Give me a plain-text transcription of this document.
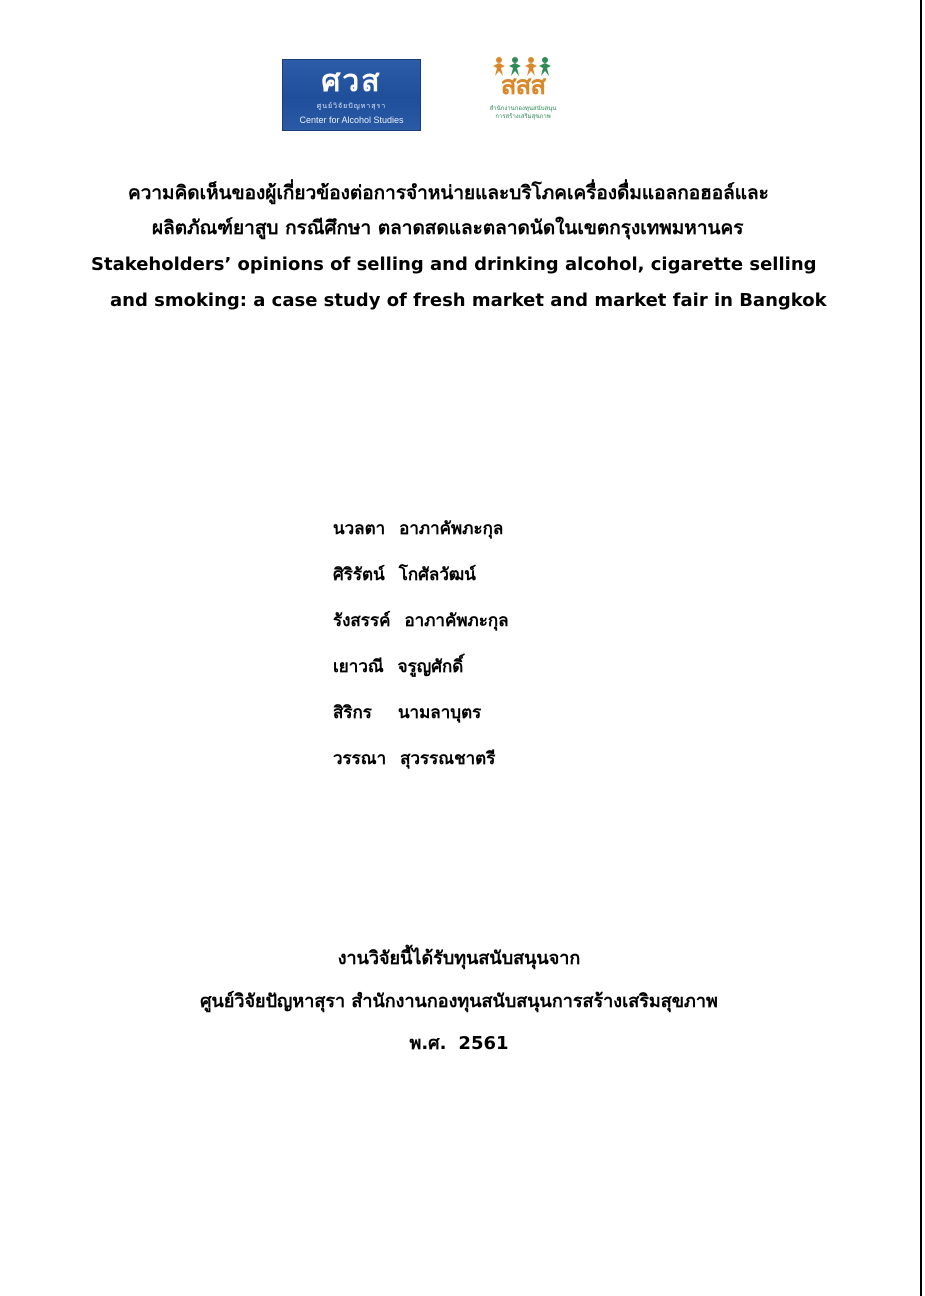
ศวส
ศูนย์วิจัยปัญหาสุรา
Center for Alcohol Studies
สสส
สำนักงานกองทุนสนับสนุน
การสร้างเสริมสุขภาพ
ความคิดเห็นของผู้เกี่ยวข้องต่อการจำหน่ายและบริโภคเครื่องดื่มแอลกอฮอล์และ
ผลิตภัณฑ์ยาสูบ กรณีศึกษา ตลาดสดและตลาดนัดในเขตกรุงเทพมหานคร
Stakeholders’ opinions of selling and drinking alcohol, cigarette selling
and smoking: a case study of fresh market and market fair in Bangkok
นวลตา อาภาคัพภะกุล
ศิริรัตน์ โกศัลวัฒน์
รังสรรค์ อาภาคัพภะกุล
เยาวณี จรูญศักดิ์
สิริกร นามลาบุตร
วรรณา สุวรรณชาตรี
งานวิจัยนี้ได้รับทุนสนับสนุนจาก
ศูนย์วิจัยปัญหาสุรา สำนักงานกองทุนสนับสนุนการสร้างเสริมสุขภาพ
พ.ศ. 2561
